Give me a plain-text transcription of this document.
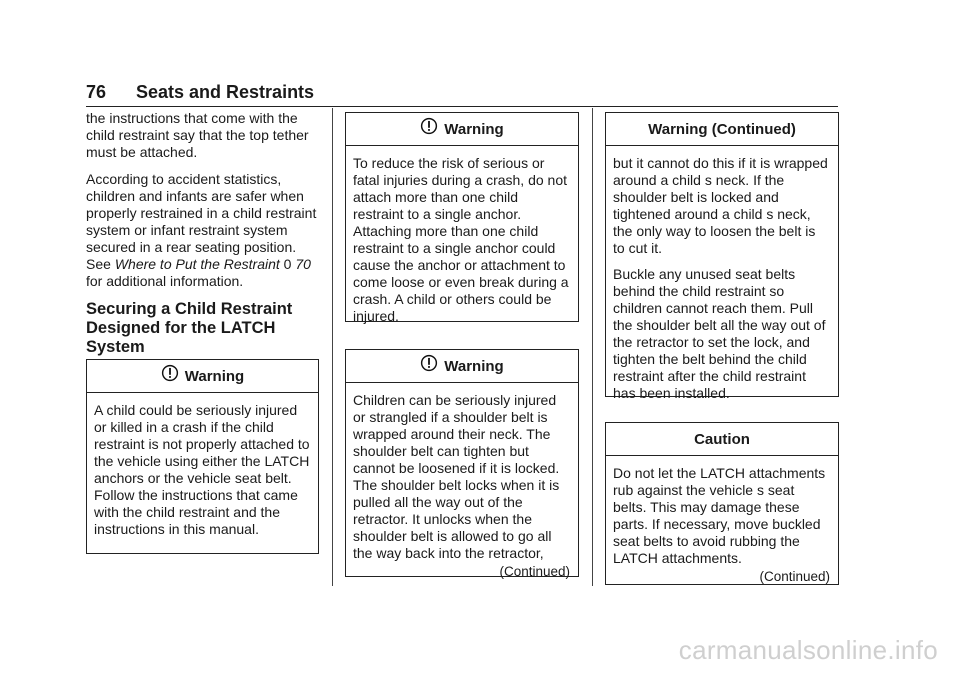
76 Seats and Restraints

the instructions that come with the child restraint say that the top tether must be attached.

According to accident statistics, children and infants are safer when properly restrained in a child restraint system or infant restraint system secured in a rear seating position. See Where to Put the Restraint 0 70 for additional information.

Securing a Child Restraint Designed for the LATCH System
Warning
A child could be seriously injured or killed in a crash if the child restraint is not properly attached to the vehicle using either the LATCH anchors or the vehicle seat belt. Follow the instructions that came with the child restraint and the instructions in this manual.
Warning
To reduce the risk of serious or fatal injuries during a crash, do not attach more than one child restraint to a single anchor. Attaching more than one child restraint to a single anchor could cause the anchor or attachment to come loose or even break during a crash. A child or others could be injured.
Warning
Children can be seriously injured or strangled if a shoulder belt is wrapped around their neck. The shoulder belt can tighten but cannot be loosened if it is locked. The shoulder belt locks when it is pulled all the way out of the retractor. It unlocks when the shoulder belt is allowed to go all the way back into the retractor,
(Continued)
Warning (Continued)

but it cannot do this if it is wrapped around a child s neck. If the shoulder belt is locked and tightened around a child s neck, the only way to loosen the belt is to cut it.

Buckle any unused seat belts behind the child restraint so children cannot reach them. Pull the shoulder belt all the way out of the retractor to set the lock, and tighten the belt behind the child restraint after the child restraint has been installed.

Caution
Do not let the LATCH attachments rub against the vehicle s seat belts. This may damage these parts. If necessary, move buckled seat belts to avoid rubbing the LATCH attachments.
(Continued)
carmanualsonline.info
